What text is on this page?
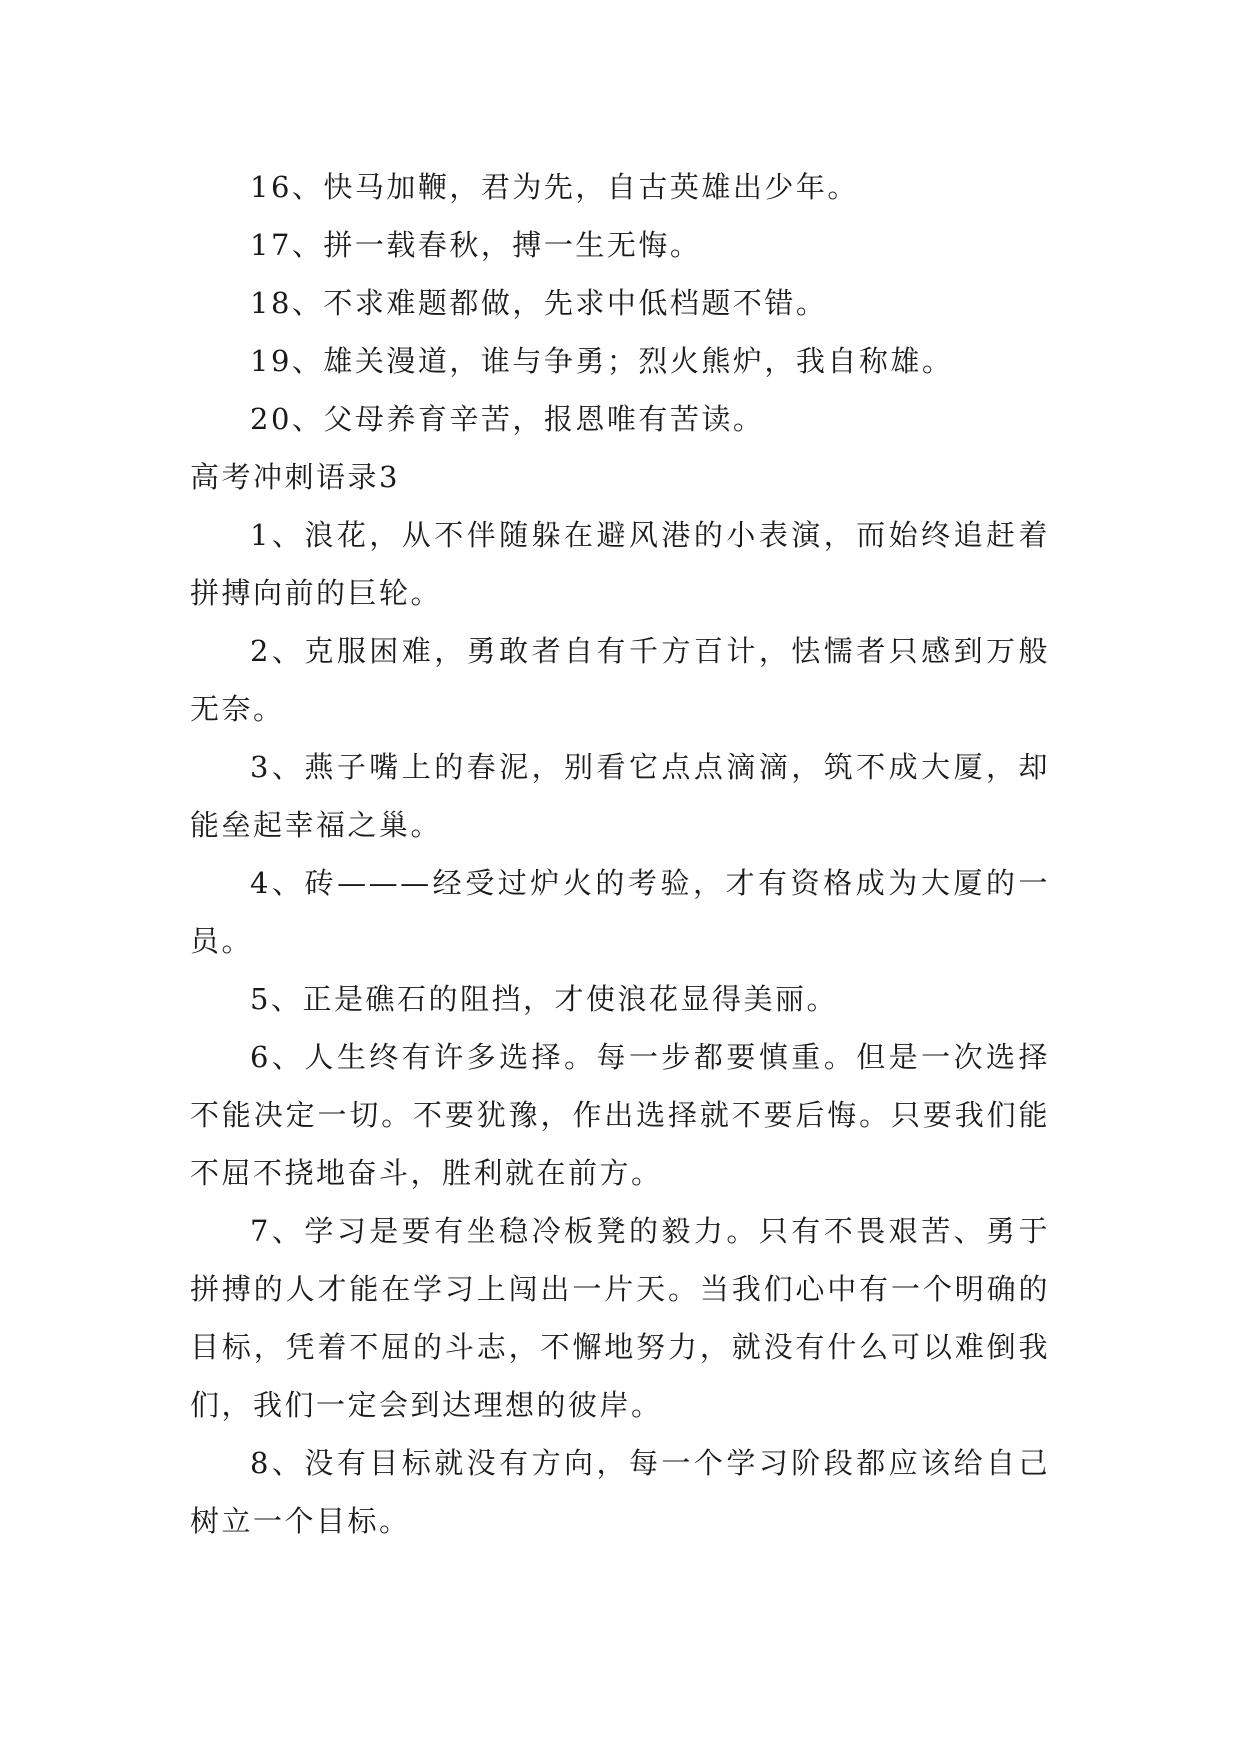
16、快马加鞭，君为先，自古英雄出少年。

17、拼一载春秋，搏一生无悔。

18、不求难题都做，先求中低档题不错。

19、雄关漫道，谁与争勇；烈火熊炉，我自称雄。

20、父母养育辛苦，报恩唯有苦读。

高考冲刺语录3

1、浪花，从不伴随躲在避风港的小表演，而始终追赶着拼搏向前的巨轮。

2、克服困难，勇敢者自有千方百计，怯懦者只感到万般无奈。

3、燕子嘴上的春泥，别看它点点滴滴，筑不成大厦，却能垒起幸福之巢。

4、砖———经受过炉火的考验，才有资格成为大厦的一员。

5、正是礁石的阻挡，才使浪花显得美丽。

6、人生终有许多选择。每一步都要慎重。但是一次选择不能决定一切。不要犹豫，作出选择就不要后悔。只要我们能不屈不挠地奋斗，胜利就在前方。

7、学习是要有坐稳冷板凳的毅力。只有不畏艰苦、勇于拼搏的人才能在学习上闯出一片天。当我们心中有一个明确的目标，凭着不屈的斗志，不懈地努力，就没有什么可以难倒我们，我们一定会到达理想的彼岸。

8、没有目标就没有方向，每一个学习阶段都应该给自己树立一个目标。
